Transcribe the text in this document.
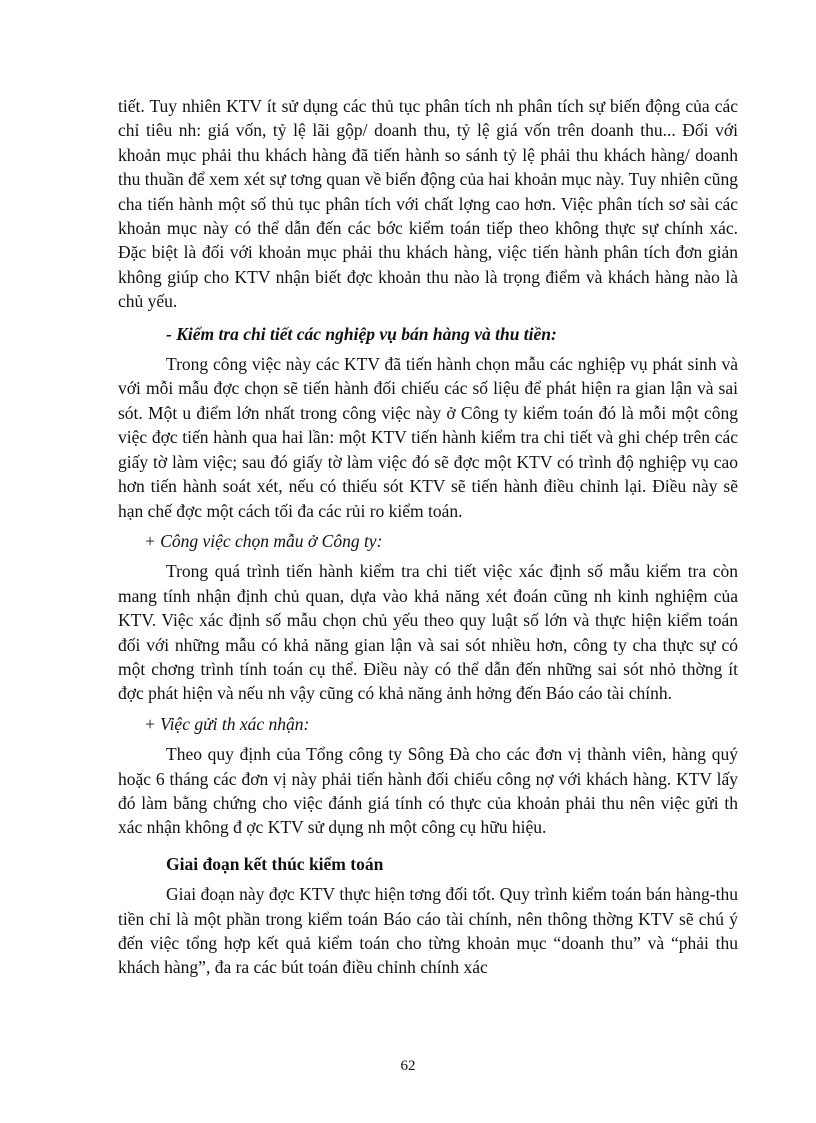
tiết. Tuy nhiên KTV ít sử dụng các thủ tục phân tích nh phân tích sự biến động của các chỉ tiêu nh: giá vốn, tỷ lệ lãi gộp/ doanh thu, tỷ lệ giá vốn trên doanh thu... Đối với khoản mục phải thu khách hàng đã tiến hành so sánh tỷ lệ phải thu khách hàng/ doanh thu thuần để xem xét sự tơng quan về biến động của hai khoản mục này. Tuy nhiên cũng cha tiến hành một số thủ tục phân tích với chất lợng cao hơn. Việc phân tích sơ sài các khoản mục này có thể dẫn đến các bớc kiểm toán tiếp theo không thực sự chính xác. Đặc biệt là đối với khoản mục phải thu khách hàng, việc tiến hành phân tích đơn giản không giúp cho KTV nhận biết đợc khoản thu nào là trọng điểm và khách hàng nào là chủ yếu.

- Kiểm tra chi tiết các nghiệp vụ bán hàng và thu tiền:

Trong công việc này các KTV đã tiến hành chọn mẫu các nghiệp vụ phát sinh và với mỗi mẫu đợc chọn sẽ tiến hành đối chiếu các số liệu để phát hiện ra gian lận và sai sót. Một u điểm lớn nhất trong công việc này ở Công ty kiểm toán đó là mỗi một công việc đợc tiến hành qua hai lần: một KTV tiến hành kiểm tra chi tiết và ghi chép trên các giấy tờ làm việc; sau đó giấy tờ làm việc đó sẽ đợc một KTV có trình độ nghiệp vụ cao hơn tiến hành soát xét, nếu có thiếu sót KTV sẽ tiến hành điều chỉnh lại. Điều này sẽ hạn chế đợc một cách tối đa các rủi ro kiểm toán.

+ Công việc chọn mẫu ở Công ty:

Trong quá trình tiến hành kiểm tra chi tiết việc xác định số mẫu kiểm tra còn mang tính nhận định chủ quan, dựa vào khả năng xét đoán cũng nh kinh nghiệm của KTV. Việc xác định số mẫu chọn chủ yếu theo quy luật số lớn và thực hiện kiểm toán đối với những mẫu có khả năng gian lận và sai sót nhiều hơn, công ty cha thực sự có một chơng trình tính toán cụ thể. Điều này có thể dẫn đến những sai sót nhỏ thờng ít đợc phát hiện và nếu nh vậy cũng có khả năng ảnh hởng đến Báo cáo tài chính.

+ Việc gửi th xác nhận:

Theo quy định của Tổng công ty Sông Đà cho các đơn vị thành viên, hàng quý hoặc 6 tháng các đơn vị này phải tiến hành đối chiếu công nợ với khách hàng. KTV lấy đó làm bằng chứng cho việc đánh giá tính có thực của khoản phải thu nên việc gửi th xác nhận không đ ợc KTV sử dụng nh một công cụ hữu hiệu.

Giai đoạn kết thúc kiểm toán

Giai đoạn này đợc KTV thực hiện tơng đối tốt. Quy trình kiểm toán bán hàng-thu tiền chỉ là một phần trong kiểm toán Báo cáo tài chính, nên thông thờng KTV sẽ chú ý đến việc tổng hợp kết quả kiểm toán cho từng khoản mục “doanh thu” và “phải thu khách hàng”, đa ra các bút toán điều chỉnh chính xác

62
